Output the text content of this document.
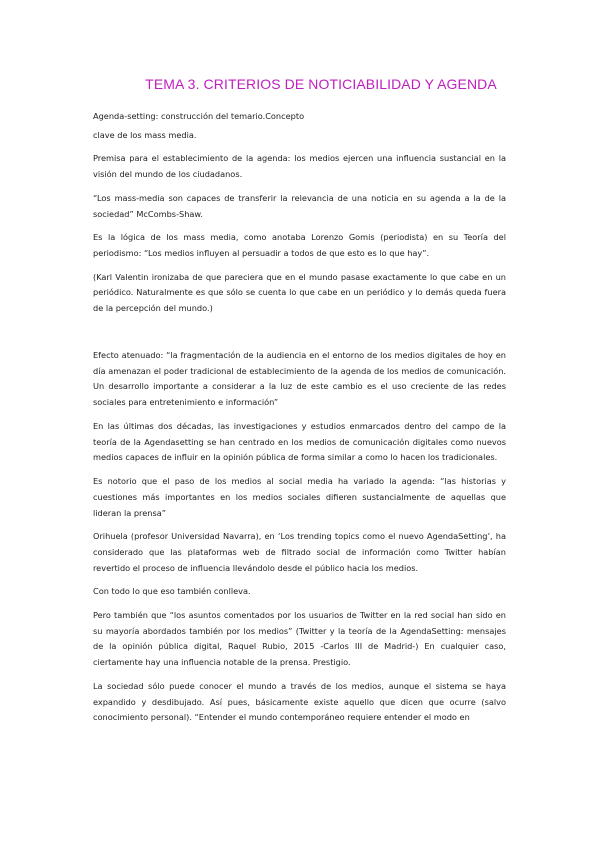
TEMA 3. CRITERIOS DE NOTICIABILIDAD Y AGENDA

Agenda-setting: construcción del temario.Concepto

clave de los mass media.

Premisa para el establecimiento de la agenda: los medios ejercen una influencia sustancial en la visión del mundo de los ciudadanos.

“Los mass-media son capaces de transferir la relevancia de una noticia en su agenda a la de la sociedad” McCombs-Shaw.

Es la lógica de los mass media, como anotaba Lorenzo Gomis (periodista) en su Teoría del periodismo: “Los medios influyen al persuadir a todos de que esto es lo que hay”.

(Karl Valentin ironizaba de que pareciera que en el mundo pasase exactamente lo que cabe en un periódico. Naturalmente es que sólo se cuenta lo que cabe en un periódico y lo demás queda fuera de la percepción del mundo.)

Efecto atenuado: “la fragmentación de la audiencia en el entorno de los medios digitales de hoy en día amenazan el poder tradicional de establecimiento de la agenda de los medios de comunicación. Un desarrollo importante a considerar a la luz de este cambio es el uso creciente de las redes sociales para entretenimiento e información”

En las últimas dos décadas, las investigaciones y estudios enmarcados dentro del campo de la teoría de la Agendasetting se han centrado en los medios de comunicación digitales como nuevos medios capaces de influir en la opinión pública de forma similar a como lo hacen los tradicionales.

Es notorio que el paso de los medios al social media ha variado la agenda: “las historias y cuestiones más importantes en los medios sociales difieren sustancialmente de aquellas que lideran la prensa”

Orihuela (profesor Universidad Navarra), en ‘Los trending topics como el nuevo AgendaSetting’, ha considerado que las plataformas web de filtrado social de información como Twitter habían revertido el proceso de influencia llevándolo desde el público hacia los medios.

Con todo lo que eso también conlleva.

Pero también que “los asuntos comentados por los usuarios de Twitter en la red social han sido en su mayoría abordados también por los medios” (Twitter y la teoría de la AgendaSetting: mensajes de la opinión pública digital, Raquel Rubio, 2015 -Carlos III de Madrid-) En cualquier caso, ciertamente hay una influencia notable de la prensa. Prestigio.

La sociedad sólo puede conocer el mundo a través de los medios, aunque el sistema se haya expandido y desdibujado. Así pues, básicamente existe aquello que dicen que ocurre (salvo conocimiento personal). “Entender el mundo contemporáneo requiere entender el modo en
